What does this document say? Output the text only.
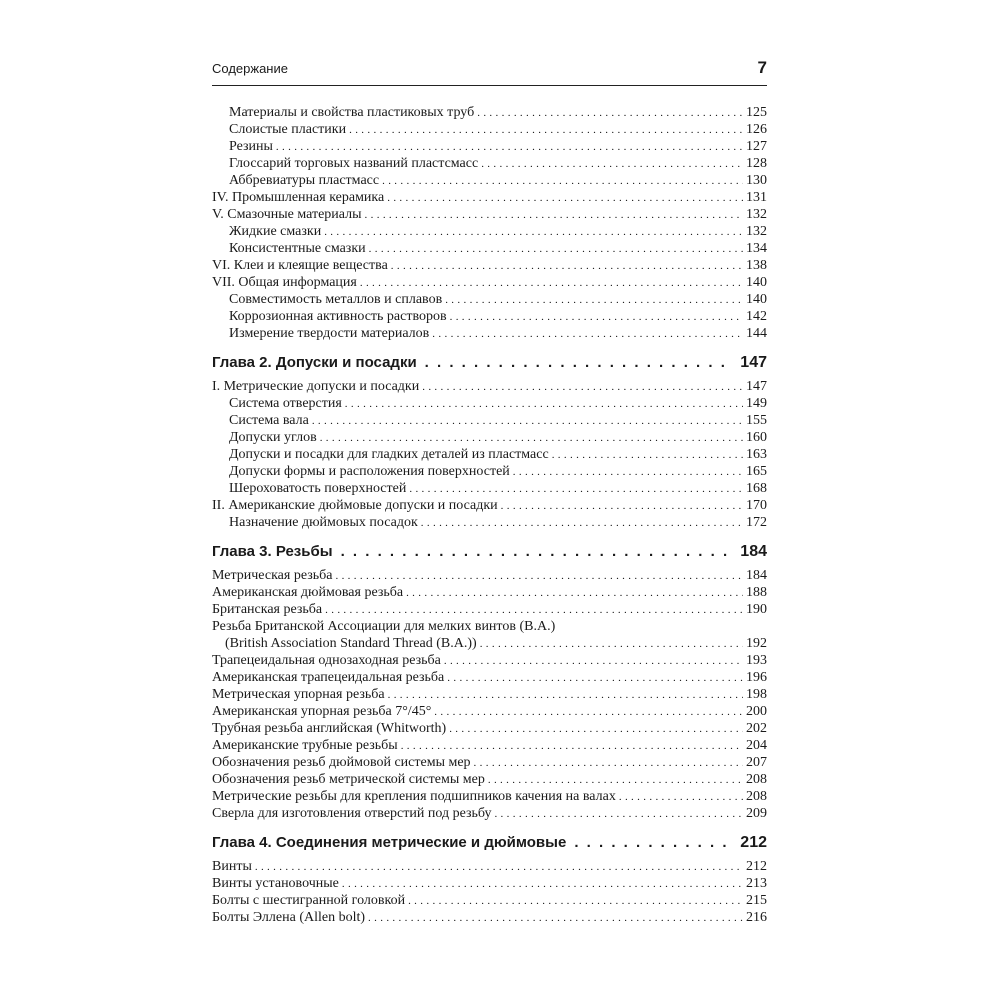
Содержание	7
Материалы и свойства пластиковых труб . . .	125
Слоистые пластики . . .	126
Резины . . .	127
Глоссарий торговых названий пластсмасс . . .	128
Аббревиатуры пластмасс . . .	130
IV. Промышленная керамика . . .	131
V. Смазочные материалы . . .	132
Жидкие смазки . . .	132
Консистентные смазки . . .	134
VI. Клеи и клеящие вещества . . .	138
VII. Общая информация . . .	140
Совместимость металлов и сплавов . . .	140
Коррозионная активность растворов . . .	142
Измерение твердости материалов . . .	144
Глава 2. Допуски и посадки . . .	147
I. Метрические допуски и посадки . . .	147
Система отверстия . . .	149
Система вала . . .	155
Допуски углов . . .	160
Допуски и посадки для гладких деталей из пластмасс . . .	163
Допуски формы и расположения поверхностей . . .	165
Шероховатость поверхностей . . .	168
II. Американские дюймовые допуски и посадки . . .	170
Назначение дюймовых посадок . . .	172
Глава 3. Резьбы . . .	184
Метрическая резьба . . .	184
Американская дюймовая резьба . . .	188
Британская резьба . . .	190
Резьба Британской Ассоциации для мелких винтов (B.A.)
(British Association Standard Thread (B.A.)) . . .	192
Трапецеидальная однозаходная резьба . . .	193
Американская трапецеидальная резьба . . .	196
Метрическая упорная резьба . . .	198
Американская упорная резьба 7°/45° . . .	200
Трубная резьба английская (Whitworth) . . .	202
Американские трубные резьбы . . .	204
Обозначения резьб дюймовой системы мер . . .	207
Обозначения резьб метрической системы мер . . .	208
Метрические резьбы для крепления подшипников качения на валах . . .	208
Сверла для изготовления отверстий под резьбу . . .	209
Глава 4. Соединения метрические и дюймовые . . .	212
Винты . . .	212
Винты установочные . . .	213
Болты с шестигранной головкой . . .	215
Болты Эллена (Allen bolt) . . .	216
